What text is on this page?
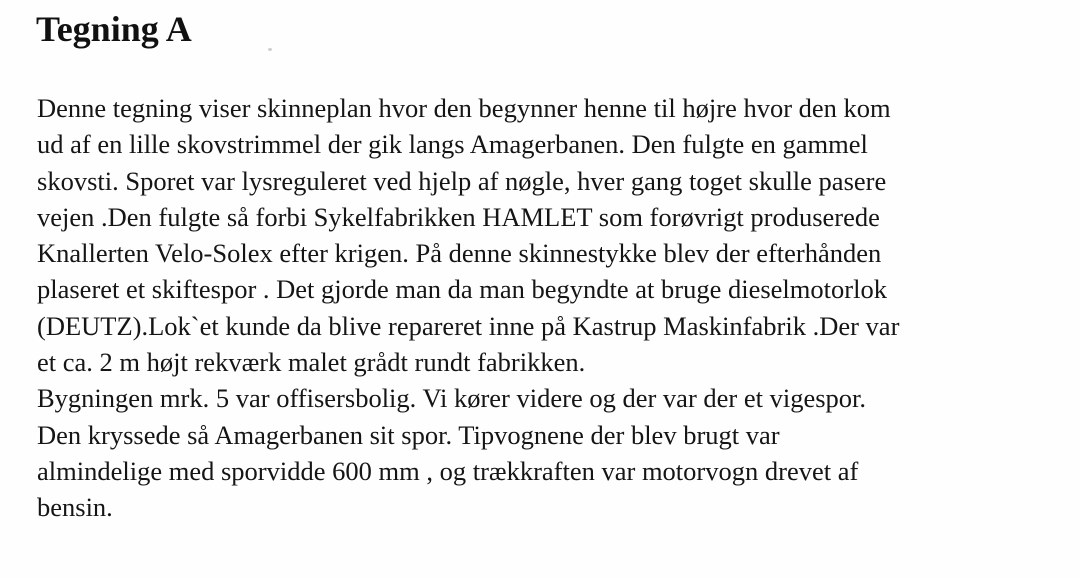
Tegning A
Denne tegning viser skinneplan hvor den begynner henne til højre hvor den kom
ud af en lille skovstrimmel der gik langs Amagerbanen. Den fulgte en gammel
skovsti. Sporet var lysreguleret ved hjelp af nøgle, hver gang toget skulle pasere
vejen .Den fulgte så forbi Sykelfabrikken HAMLET som forøvrigt produserede
Knallerten Velo-Solex efter krigen. På denne skinnestykke blev der efterhånden
plaseret et skiftespor . Det gjorde man da man begyndte at bruge dieselmotorlok
(DEUTZ).Lok`et kunde da blive repareret inne på Kastrup Maskinfabrik .Der var
et ca. 2 m højt rekværk malet grådt rundt fabrikken.
Bygningen mrk. 5 var offisersbolig. Vi kører videre og der var der et vigespor.
Den kryssede så Amagerbanen sit spor. Tipvognene der blev brugt var
almindelige med sporvidde 600 mm , og trækkraften var motorvogn drevet af
bensin.
